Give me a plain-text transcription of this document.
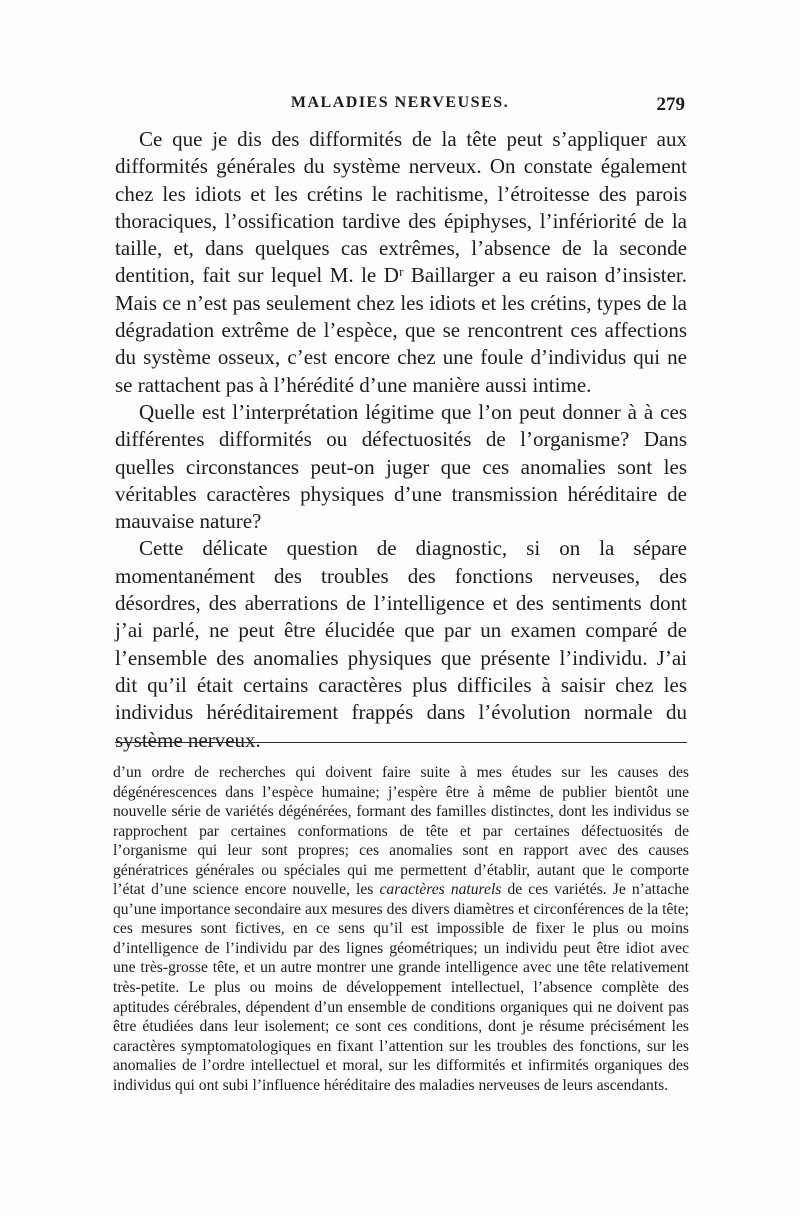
MALADIES NERVEUSES.	279

Ce que je dis des difformités de la tête peut s’appliquer aux difformités générales du système nerveux. On constate également chez les idiots et les crétins le rachitisme, l’étroitesse des parois thoraciques, l’ossification tardive des épiphyses, l’infériorité de la taille, et, dans quelques cas extrêmes, l’absence de la seconde dentition, fait sur lequel M. le Dʳ Baillarger a eu raison d’insister. Mais ce n’est pas seulement chez les idiots et les crétins, types de la dégradation extrême de l’espèce, que se rencontrent ces affections du système osseux, c’est encore chez une foule d’individus qui ne se rattachent pas à l’hérédité d’une manière aussi intime.

Quelle est l’interprétation légitime que l’on peut donner à à ces différentes difformités ou défectuosités de l’organisme? Dans quelles circonstances peut-on juger que ces anomalies sont les véritables caractères physiques d’une transmission héréditaire de mauvaise nature?

Cette délicate question de diagnostic, si on la sépare momentanément des troubles des fonctions nerveuses, des désordres, des aberrations de l’intelligence et des sentiments dont j’ai parlé, ne peut être élucidée que par un examen comparé de l’ensemble des anomalies physiques que présente l’individu. J’ai dit qu’il était certains caractères plus difficiles à saisir chez les individus héréditairement frappés dans l’évolution normale du système nerveux.

d’un ordre de recherches qui doivent faire suite à mes études sur les causes des dégénérescences dans l’espèce humaine; j’espère être à même de publier bientôt une nouvelle série de variétés dégénérées, formant des familles distinctes, dont les individus se rapprochent par certaines conformations de tête et par certaines défectuosités de l’organisme qui leur sont propres; ces anomalies sont en rapport avec des causes génératrices générales ou spéciales qui me permettent d’établir, autant que le comporte l’état d’une science encore nouvelle, les caractères naturels de ces variétés. Je n’attache qu’une importance secondaire aux mesures des divers diamètres et circonférences de la tête; ces mesures sont fictives, en ce sens qu’il est impossible de fixer le plus ou moins d’intelligence de l’individu par des lignes géométriques; un individu peut être idiot avec une très-grosse tête, et un autre montrer une grande intelligence avec une tête relativement très-petite. Le plus ou moins de développement intellectuel, l’absence complète des aptitudes cérébrales, dépendent d’un ensemble de conditions organiques qui ne doivent pas être étudiées dans leur isolement; ce sont ces conditions, dont je résume précisément les caractères symptomatologiques en fixant l’attention sur les troubles des fonctions, sur les anomalies de l’ordre intellectuel et moral, sur les difformités et infirmités organiques des individus qui ont subi l’influence héréditaire des maladies nerveuses de leurs ascendants.
